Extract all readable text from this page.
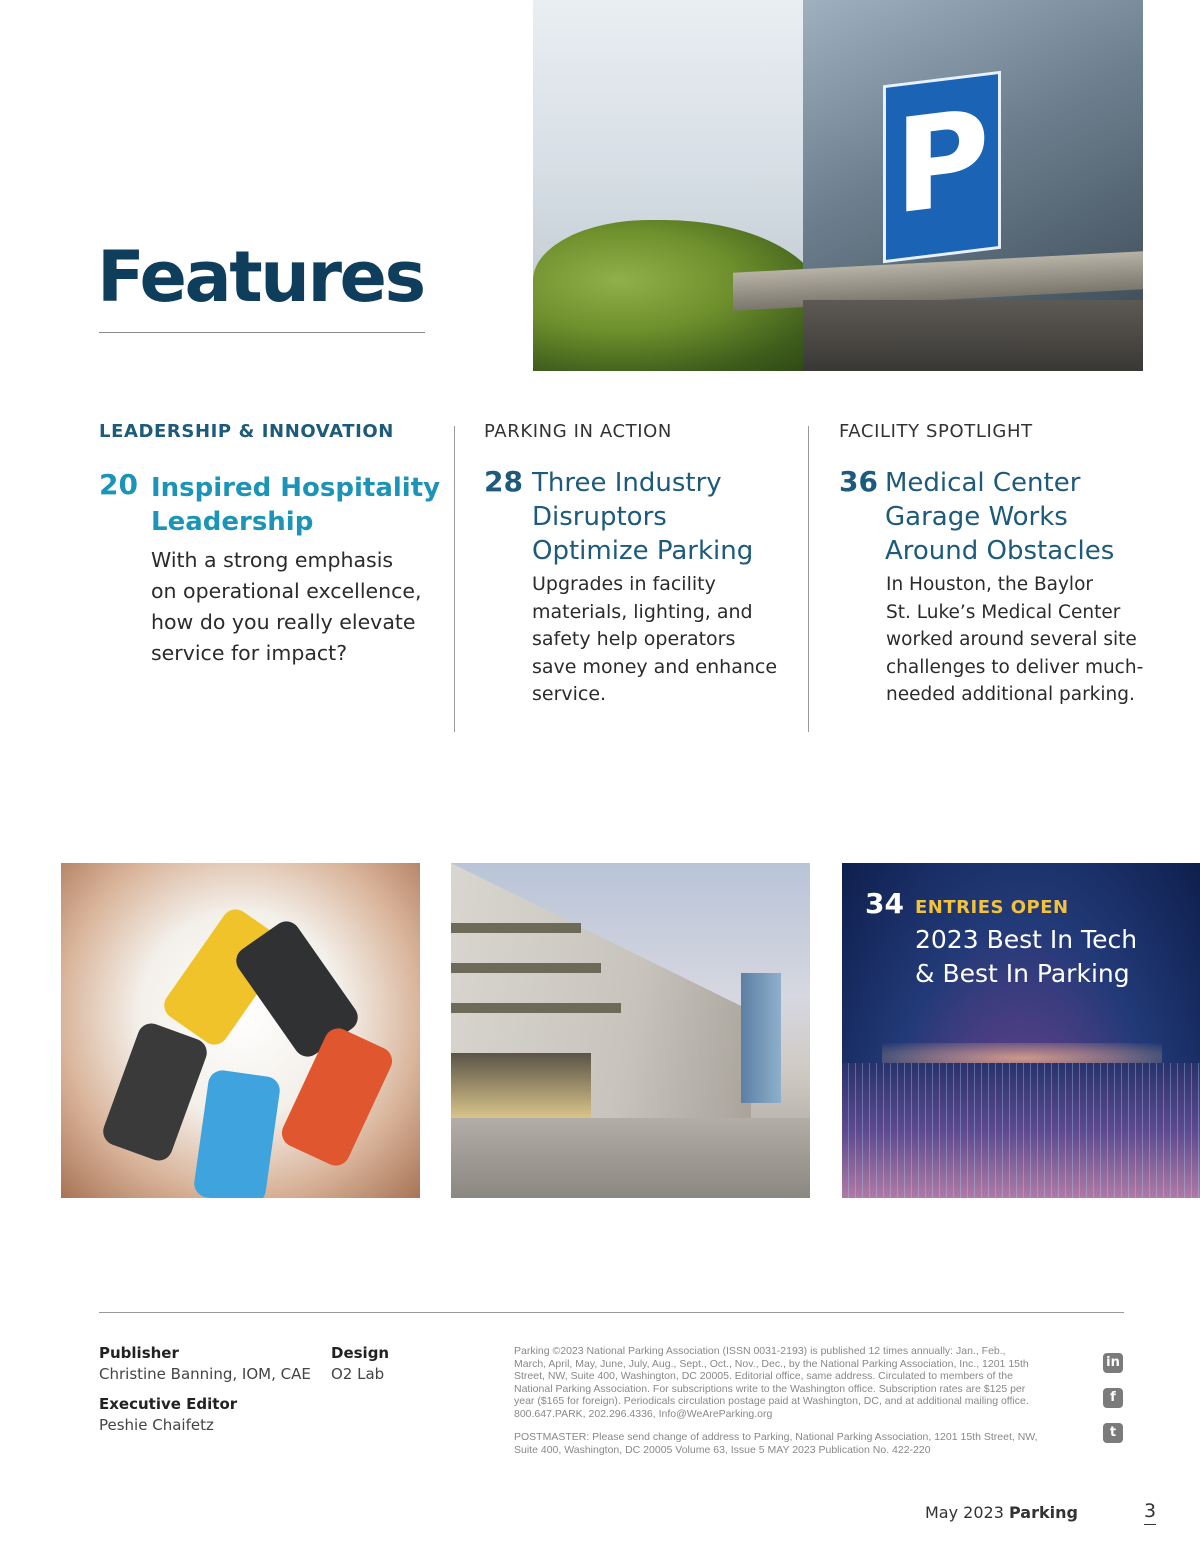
Features
P
LEADERSHIP & INNOVATION
20 Inspired Hospitality
Leadership
With a strong emphasis
on operational excellence,
how do you really elevate
service for impact?
PARKING IN ACTION
28 Three Industry
Disruptors
Optimize Parking
Upgrades in facility
materials, lighting, and
safety help operators
save money and enhance
service.
FACILITY SPOTLIGHT
36 Medical Center
Garage Works
Around Obstacles
In Houston, the Baylor
St. Luke’s Medical Center
worked around several site
challenges to deliver much-
needed additional parking.
34 ENTRIES OPEN
2023 Best In Tech
& Best In Parking
Publisher
Christine Banning, IOM, CAE
Executive Editor
Peshie Chaifetz
Design
O2 Lab
Parking ©2023 National Parking Association (ISSN 0031-2193) is published 12 times annually: Jan., Feb.,
March, April, May, June, July, Aug., Sept., Oct., Nov., Dec., by the National Parking Association, Inc., 1201 15th
Street, NW, Suite 400, Washington, DC 20005. Editorial office, same address. Circulated to members of the
National Parking Association. For subscriptions write to the Washington office. Subscription rates are $125 per
year ($165 for foreign). Periodicals circulation postage paid at Washington, DC, and at additional mailing office.
800.647.PARK, 202.296.4336, Info@WeAreParking.org
POSTMASTER: Please send change of address to Parking, National Parking Association, 1201 15th Street, NW,
Suite 400, Washington, DC 20005 Volume 63, Issue 5 MAY 2023 Publication No. 422-220
in
f
t
May 2023 Parking	3
